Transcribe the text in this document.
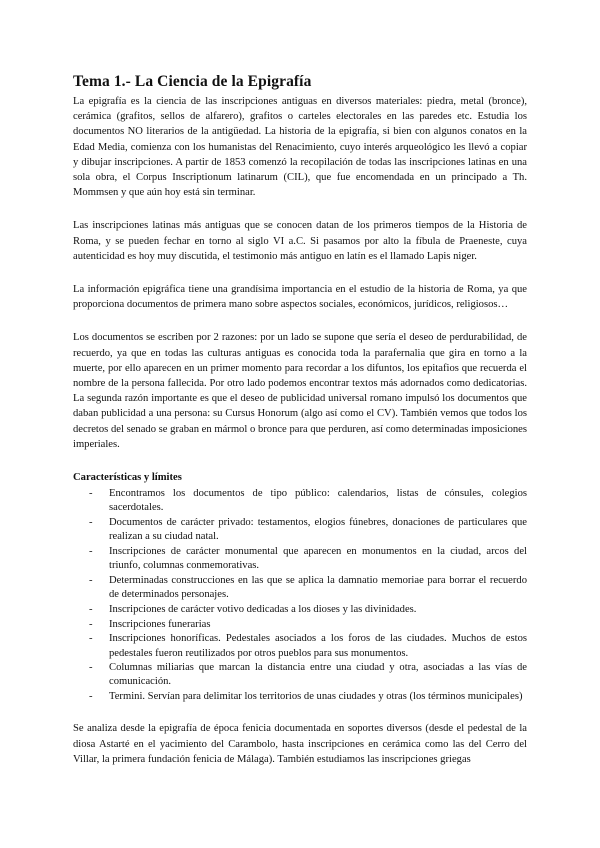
Tema 1.- La Ciencia de la Epigrafía

La epigrafía es la ciencia de las inscripciones antiguas en diversos materiales: piedra, metal (bronce), cerámica (grafitos, sellos de alfarero), grafitos o carteles electorales en las paredes etc. Estudia los documentos NO literarios de la antigüedad. La historia de la epigrafía, si bien con algunos conatos en la Edad Media, comienza con los humanistas del Renacimiento, cuyo interés arqueológico les llevó a copiar y dibujar inscripciones. A partir de 1853 comenzó la recopilación de todas las inscripciones latinas en una sola obra, el Corpus Inscriptionum latinarum (CIL), que fue encomendada en un principado a Th. Mommsen y que aún hoy está sin terminar.

Las inscripciones latinas más antiguas que se conocen datan de los primeros tiempos de la Historia de Roma, y se pueden fechar en torno al siglo VI a.C. Si pasamos por alto la fíbula de Praeneste, cuya autenticidad es hoy muy discutida, el testimonio más antiguo en latín es el llamado Lapis niger.

La información epigráfica tiene una grandísima importancia en el estudio de la historia de Roma, ya que proporciona documentos de primera mano sobre aspectos sociales, económicos, jurídicos, religiosos…

Los documentos se escriben por 2 razones: por un lado se supone que sería el deseo de perdurabilidad, de recuerdo, ya que en todas las culturas antiguas es conocida toda la parafernalia que gira en torno a la muerte, por ello aparecen en un primer momento para recordar a los difuntos, los epitafios que recuerda el nombre de la persona fallecida. Por otro lado podemos encontrar textos más adornados como dedicatorias. La segunda razón importante es que el deseo de publicidad universal romano impulsó los documentos que daban publicidad a una persona: su Cursus Honorum (algo así como el CV). También vemos que todos los decretos del senado se graban en mármol o bronce para que perduren, así como determinadas imposiciones imperiales.

Características y límites
- Encontramos los documentos de tipo público: calendarios, listas de cónsules, colegios sacerdotales.
- Documentos de carácter privado: testamentos, elogios fúnebres, donaciones de particulares que realizan a su ciudad natal.
- Inscripciones de carácter monumental que aparecen en monumentos en la ciudad, arcos del triunfo, columnas conmemorativas.
- Determinadas construcciones en las que se aplica la damnatio memoriae para borrar el recuerdo de determinados personajes.
- Inscripciones de carácter votivo dedicadas a los dioses y las divinidades.
- Inscripciones funerarias
- Inscripciones honoríficas. Pedestales asociados a los foros de las ciudades. Muchos de estos pedestales fueron reutilizados por otros pueblos para sus monumentos.
- Columnas miliarias que marcan la distancia entre una ciudad y otra, asociadas a las vías de comunicación.
- Termini. Servían para delimitar los territorios de unas ciudades y otras (los términos municipales)

Se analiza desde la epigrafía de época fenicia documentada en soportes diversos (desde el pedestal de la diosa Astarté en el yacimiento del Carambolo, hasta inscripciones en cerámica como las del Cerro del Villar, la primera fundación fenicia de Málaga). También estudiamos las inscripciones griegas
